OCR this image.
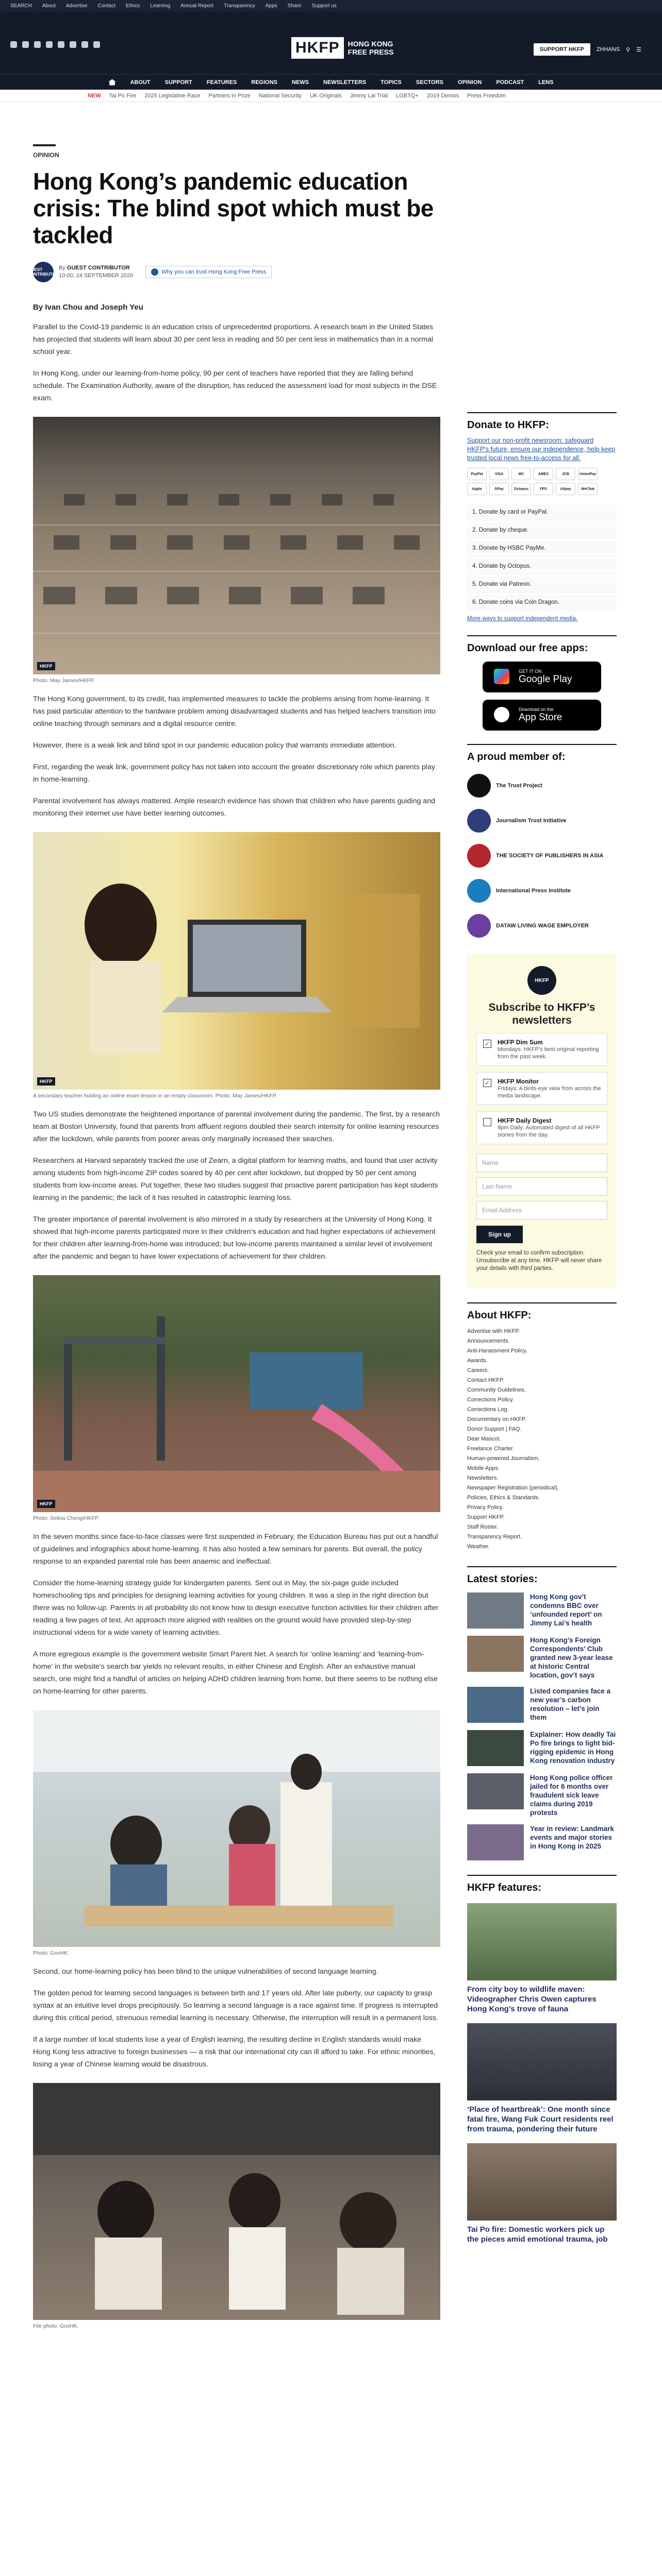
SEARCH About Advertise Contact Ethics Learning Annual Report Transparency Apps Share Support us
HKFP	HONG KONG FREE PRESS	SUPPORT HKFP	ZHHANS ⚲ ☰
ABOUT	SUPPORT	FEATURES	REGIONS	NEWS	NEWSLETTERS	TOPICS	SECTORS	OPINION	PODCAST	LENS
NEW Tai Po Fire 2025 Legislative Race Partners in Prize National Security UK Originals Jimmy Lai Trial LGBTQ+ 2019 Demos Press Freedom
OPINION
Hong Kong’s pandemic education crisis: The blind spot which must be tackled
GUEST CONTRIBUTOR
By GUEST CONTRIBUTOR
10:00, 24 SEPTEMBER 2020
Why you can trust Hong Kong Free Press
By Ivan Chou and Joseph Yeu

Parallel to the Covid-19 pandemic is an education crisis of unprecedented proportions. A research team in the United States has projected that students will learn about 30 per cent less in reading and 50 per cent less in mathematics than in a normal school year.

In Hong Kong, under our learning-from-home policy, 90 per cent of teachers have reported that they are falling behind schedule. The Examination Authority, aware of the disruption, has reduced the assessment load for most subjects in the DSE exam.

HKFP
Photo: May James/HKFP.

The Hong Kong government, to its credit, has implemented measures to tackle the problems arising from home-learning. It has paid particular attention to the hardware problem among disadvantaged students and has helped teachers transition into online teaching through seminars and a digital resource centre.

However, there is a weak link and blind spot in our pandemic education policy that warrants immediate attention.

First, regarding the weak link, government policy has not taken into account the greater discretionary role which parents play in home-learning.

Parental involvement has always mattered. Ample research evidence has shown that children who have parents guiding and monitoring their internet use have better learning outcomes.

HKFP
A secondary teacher holding an online exam lesson in an empty classroom. Photo: May James/HKFP.

Two US studies demonstrate the heightened importance of parental involvement during the pandemic. The first, by a research team at Boston University, found that parents from affluent regions doubled their search intensity for online learning resources after the lockdown, while parents from poorer areas only marginally increased their searches.

Researchers at Harvard separately tracked the use of Zearn, a digital platform for learning maths, and found that user activity among students from high-income ZIP codes soared by 40 per cent after lockdown, but dropped by 50 per cent among students from low-income areas. Put together, these two studies suggest that proactive parent participation has kept students learning in the pandemic; the lack of it has resulted in catastrophic learning loss.

The greater importance of parental involvement is also mirrored in a study by researchers at the University of Hong Kong. It showed that high-income parents participated more in their children’s education and had higher expectations of achievement for their children after learning-from-home was introduced; but low-income parents maintained a similar level of involvement after the pandemic and began to have lower expectations of achievement for their children.

HKFP
Photo: Selina Cheng/HKFP.

In the seven months since face-to-face classes were first suspended in February, the Education Bureau has put out a handful of guidelines and infographics about home-learning. It has also hosted a few seminars for parents. But overall, the policy response to an expanded parental role has been anaemic and ineffectual.

Consider the home-learning strategy guide for kindergarten parents. Sent out in May, the six-page guide included homeschooling tips and principles for designing learning activities for young children. It was a step in the right direction but there was no follow-up. Parents in all probability do not know how to design executive function activities for their children after reading a few pages of text. An approach more aligned with realities on the ground would have provided step-by-step instructional videos for a wide variety of learning activities.

A more egregious example is the government website Smart Parent Net. A search for ‘online learning’ and ‘learning-from-home’ in the website’s search bar yields no relevant results, in either Chinese and English. After an exhaustive manual search, one might find a handful of articles on helping ADHD children learning from home, but there seems to be nothing else on home-learning for other parents.

Photo: GovHK.

Second, our home-learning policy has been blind to the unique vulnerabilities of second language learning.

The golden period for learning second languages is between birth and 17 years old. After late puberty, our capacity to grasp syntax at an intuitive level drops precipitously. So learning a second language is a race against time. If progress is interrupted during this critical period, strenuous remedial learning is necessary. Otherwise, the interruption will result in a permanent loss.

If a large number of local students lose a year of English learning, the resulting decline in English standards would make Hong Kong less attractive to foreign businesses — a risk that our international city can ill afford to take. For ethnic minorities, losing a year of Chinese learning would be disastrous.

File photo: GovHK.
Donate to HKFP:
Support our non-profit newsroom: safeguard HKFP's future, ensure our independence, help keep trusted local news free-to-access for all.
PayPal	VISA	MC	AMEX	JCB	UnionPay
Apple	GPay	Octopus	FPS	Alipay	WeChat
1. Donate by card or PayPal.
2. Donate by cheque.
3. Donate by HSBC PayMe.
4. Donate by Octopus.
5. Donate via Patreon.
6. Donate coins via Coin Dragon.
More ways to support independent media.
Download our free apps:
GET IT ON
Google Play
Download on the
App Store
A proud member of:
The Trust Project
Journalism Trust Initiative
THE SOCIETY OF PUBLISHERS IN ASIA
International Press Institute
DATAW LIVING WAGE EMPLOYER
HKFP
Subscribe to HKFP’s newsletters
✓ HKFP Dim Sum
Mondays: HKFP's best original reporting from the past week.
✓ HKFP Monitor
Fridays: A birds-eye view from across the media landscape.
HKFP Daily Digest
9pm Daily: Automated digest of all HKFP stories from the day.
Name
Last Name
Email Address
Sign up
Check your email to confirm subscription. Unsubscribe at any time. HKFP will never share your details with third parties.
About HKFP:
Advertise with HKFP.
Announcements.
Anti-Harassment Policy.
Awards.
Careers.
Contact HKFP.
Community Guidelines.
Corrections Policy.
Corrections Log.
Documentary on HKFP.
Donor Support | FAQ.
Dear Mascot.
Freelance Charter.
Human-powered Journalism.
Mobile Apps.
Newsletters.
Newspaper Registration (periodical).
Policies, Ethics & Standards.
Privacy Policy.
Support HKFP.
Staff Roster.
Transparency Report.
Weather.
Latest stories:
Hong Kong gov’t condemns BBC over ‘unfounded report’ on Jimmy Lai’s health
Hong Kong’s Foreign Correspondents’ Club granted new 3-year lease at historic Central location, gov’t says
Listed companies face a new year’s carbon resolution – let’s join them
Explainer: How deadly Tai Po fire brings to light bid-rigging epidemic in Hong Kong renovation industry
Hong Kong police officer jailed for 6 months over fraudulent sick leave claims during 2019 protests
Year in review: Landmark events and major stories in Hong Kong in 2025
HKFP features:
From city boy to wildlife maven: Videographer Chris Owen captures Hong Kong’s trove of fauna
‘Place of heartbreak’: One month since fatal fire, Wang Fuk Court residents reel from trauma, pondering their future
Tai Po fire: Domestic workers pick up the pieces amid emotional trauma, job
